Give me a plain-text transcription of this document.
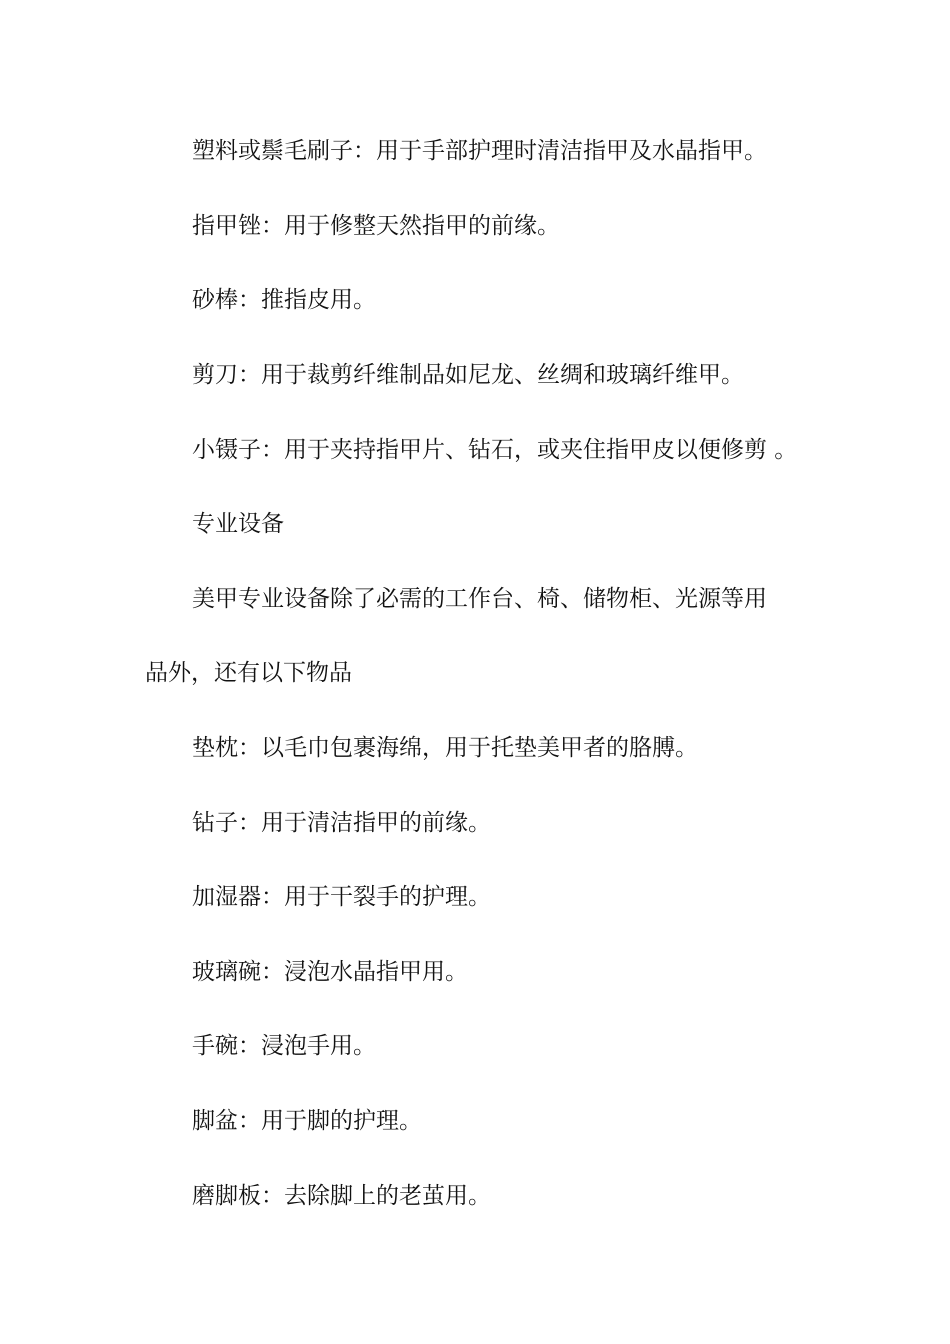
塑料或鬃毛刷子：用于手部护理时清洁指甲及水晶指甲。
指甲锉：用于修整天然指甲的前缘。
砂棒：推指皮用。
剪刀：用于裁剪纤维制品如尼龙、丝绸和玻璃纤维甲。
小镊子：用于夹持指甲片、钻石，或夹住指甲皮以便修剪 。
专业设备
美甲专业设备除了必需的工作台、椅、储物柜、光源等用
品外，还有以下物品
垫枕：以毛巾包裹海绵，用于托垫美甲者的胳膊。
钻子：用于清洁指甲的前缘。
加湿器：用于干裂手的护理。
玻璃碗：浸泡水晶指甲用。
手碗：浸泡手用。
脚盆：用于脚的护理。
磨脚板：去除脚上的老茧用。
